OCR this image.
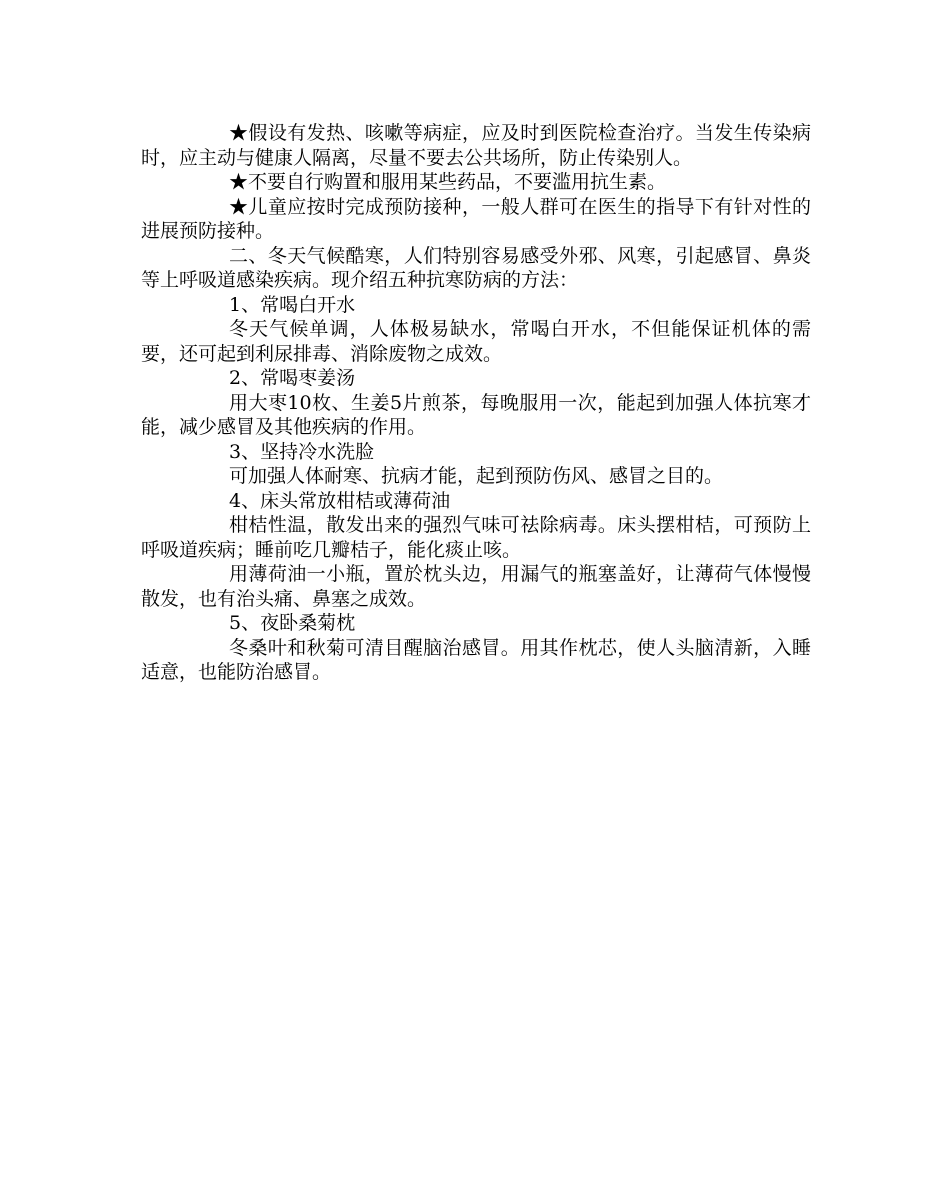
★假设有发热、咳嗽等病症，应及时到医院检查治疗。当发生传染病时，应主动与健康人隔离，尽量不要去公共场所，防止传染别人。

★不要自行购置和服用某些药品，不要滥用抗生素。

★儿童应按时完成预防接种，一般人群可在医生的指导下有针对性的进展预防接种。

二、冬天气候酷寒，人们特别容易感受外邪、风寒，引起感冒、鼻炎等上呼吸道感染疾病。现介绍五种抗寒防病的方法：

1、常喝白开水

冬天气候单调，人体极易缺水，常喝白开水，不但能保证机体的需要，还可起到利尿排毒、消除废物之成效。

2、常喝枣姜汤

用大枣10枚、生姜5片煎茶，每晚服用一次，能起到加强人体抗寒才能，减少感冒及其他疾病的作用。

3、坚持冷水洗脸

可加强人体耐寒、抗病才能，起到预防伤风、感冒之目的。

4、床头常放柑桔或薄荷油

柑桔性温，散发出来的强烈气味可祛除病毒。床头摆柑桔，可预防上呼吸道疾病；睡前吃几瓣桔子，能化痰止咳。

用薄荷油一小瓶，置於枕头边，用漏气的瓶塞盖好，让薄荷气体慢慢散发，也有治头痛、鼻塞之成效。

5、夜卧桑菊枕

冬桑叶和秋菊可清目醒脑治感冒。用其作枕芯，使人头脑清新，入睡适意，也能防治感冒。
